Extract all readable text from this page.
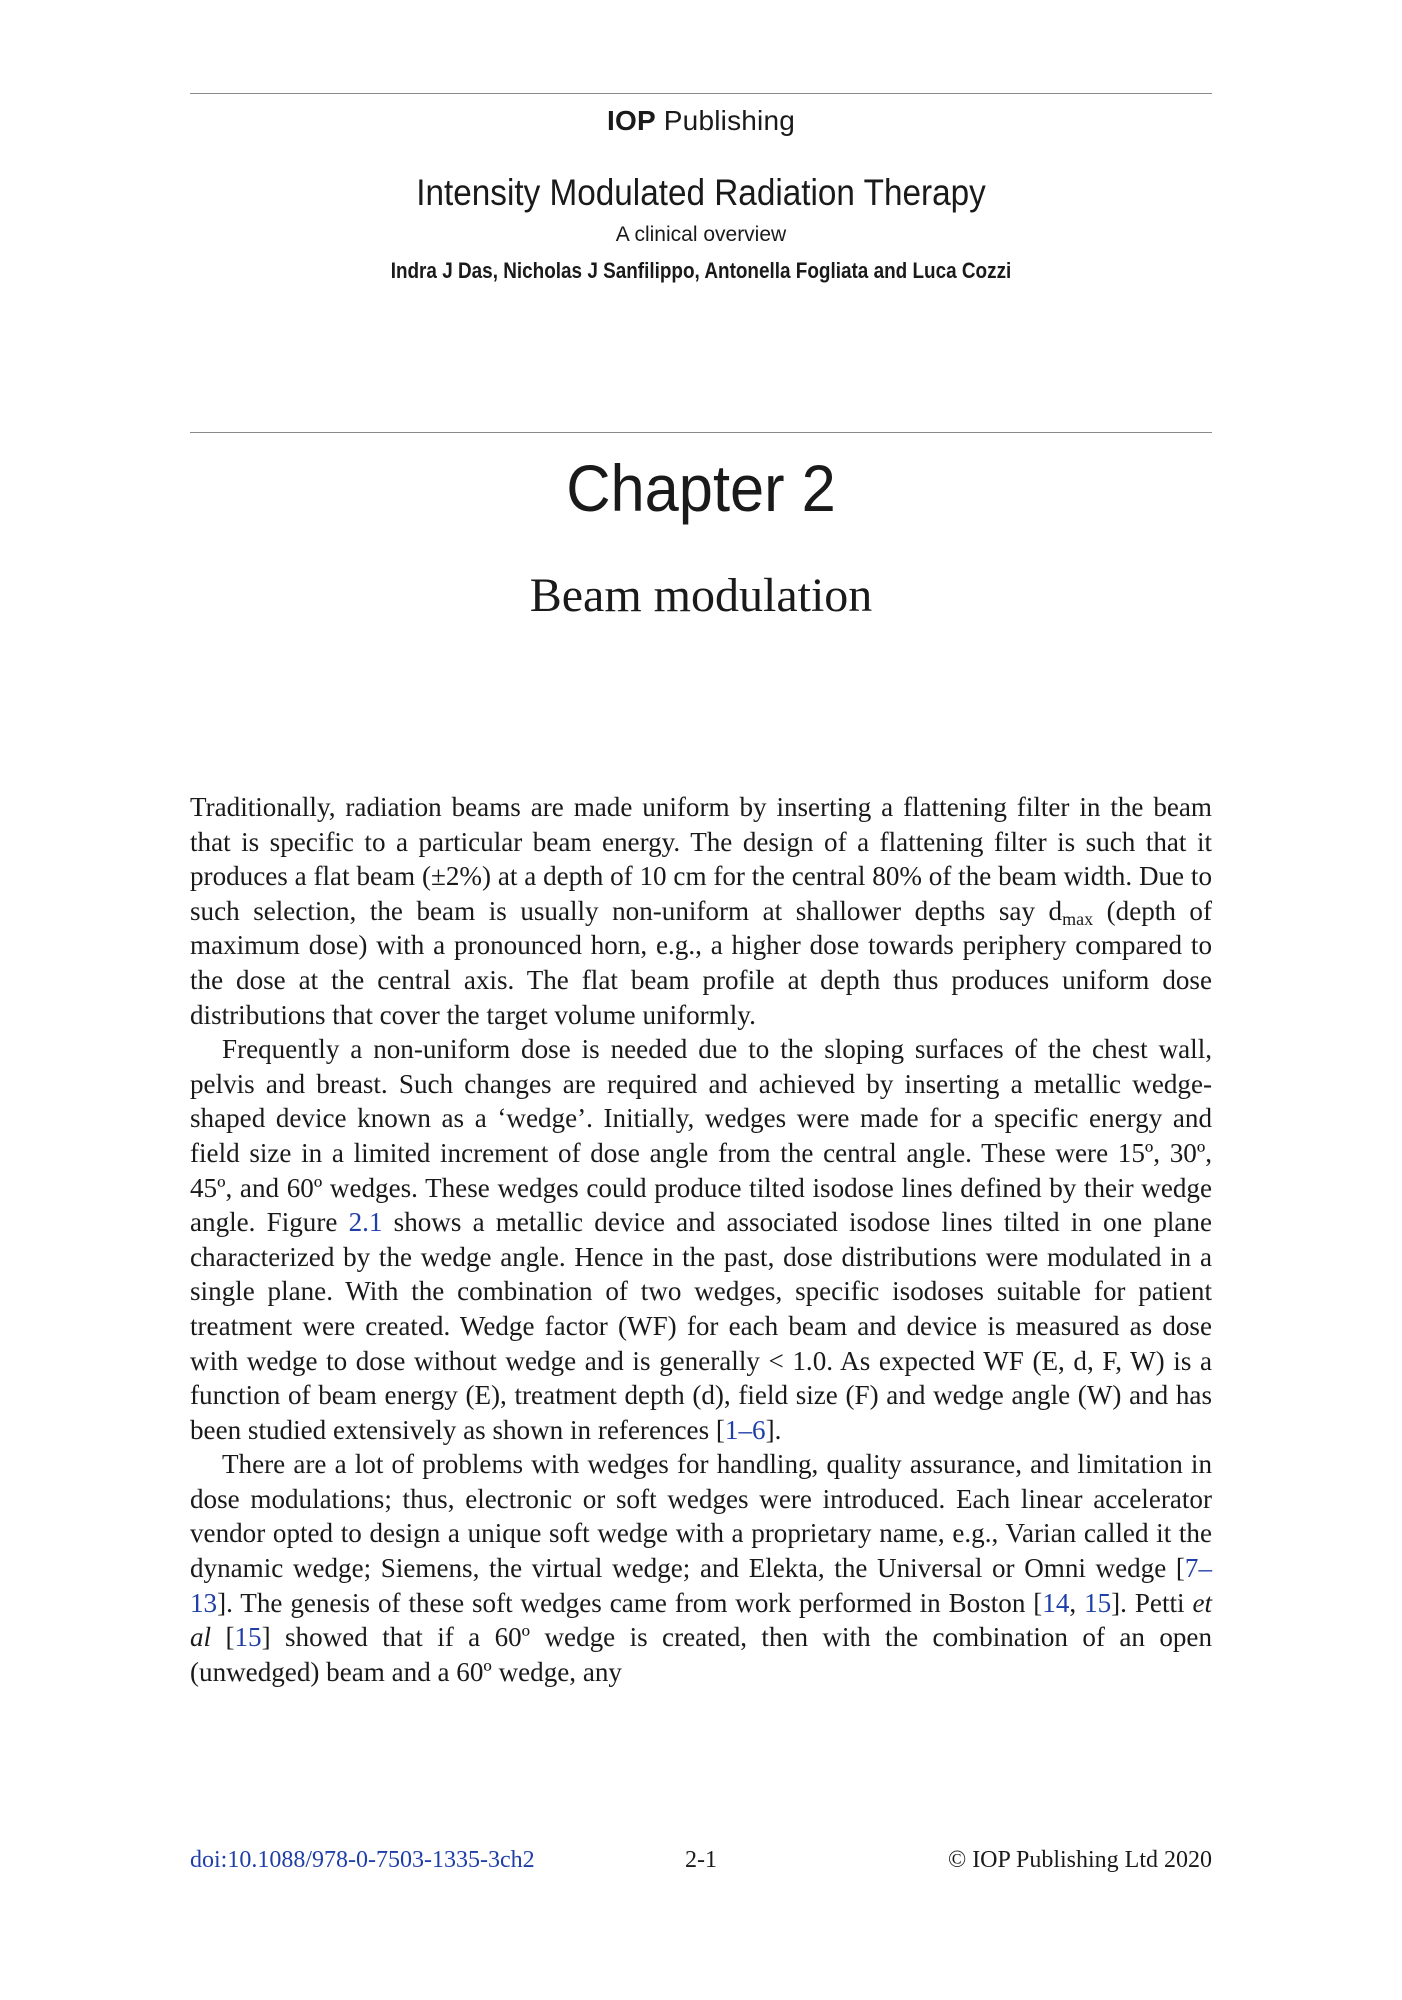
IOP Publishing
Intensity Modulated Radiation Therapy
A clinical overview
Indra J Das, Nicholas J Sanfilippo, Antonella Fogliata and Luca Cozzi
Chapter 2
Beam modulation

Traditionally, radiation beams are made uniform by inserting a flattening filter in the beam that is specific to a particular beam energy. The design of a flattening filter is such that it produces a flat beam (±2%) at a depth of 10 cm for the central 80% of the beam width. Due to such selection, the beam is usually non-uniform at shallower depths say $d_{max}$ (depth of maximum dose) with a pronounced horn, e.g., a higher dose towards periphery compared to the dose at the central axis. The flat beam profile at depth thus produces uniform dose distributions that cover the target volume uniformly.

Frequently a non-uniform dose is needed due to the sloping surfaces of the chest wall, pelvis and breast. Such changes are required and achieved by inserting a metallic wedge-shaped device known as a ‘wedge’. Initially, wedges were made for a specific energy and field size in a limited increment of dose angle from the central angle. These were 15º, 30º, 45º, and 60º wedges. These wedges could produce tilted isodose lines defined by their wedge angle. Figure 2.1 shows a metallic device and associated isodose lines tilted in one plane characterized by the wedge angle. Hence in the past, dose distributions were modulated in a single plane. With the combination of two wedges, specific isodoses suitable for patient treatment were created. Wedge factor (WF) for each beam and device is measured as dose with wedge to dose without wedge and is generally < 1.0. As expected WF (E, d, F, W) is a function of beam energy (E), treatment depth (d), field size (F) and wedge angle (W) and has been studied extensively as shown in references [1–6].

There are a lot of problems with wedges for handling, quality assurance, and limitation in dose modulations; thus, electronic or soft wedges were introduced. Each linear accelerator vendor opted to design a unique soft wedge with a proprietary name, e.g., Varian called it the dynamic wedge; Siemens, the virtual wedge; and Elekta, the Universal or Omni wedge [7–13]. The genesis of these soft wedges came from work performed in Boston [14, 15]. Petti et al [15] showed that if a 60º wedge is created, then with the combination of an open (unwedged) beam and a 60º wedge, any

doi:10.1088/978-0-7503-1335-3ch2	2-1	© IOP Publishing Ltd 2020
